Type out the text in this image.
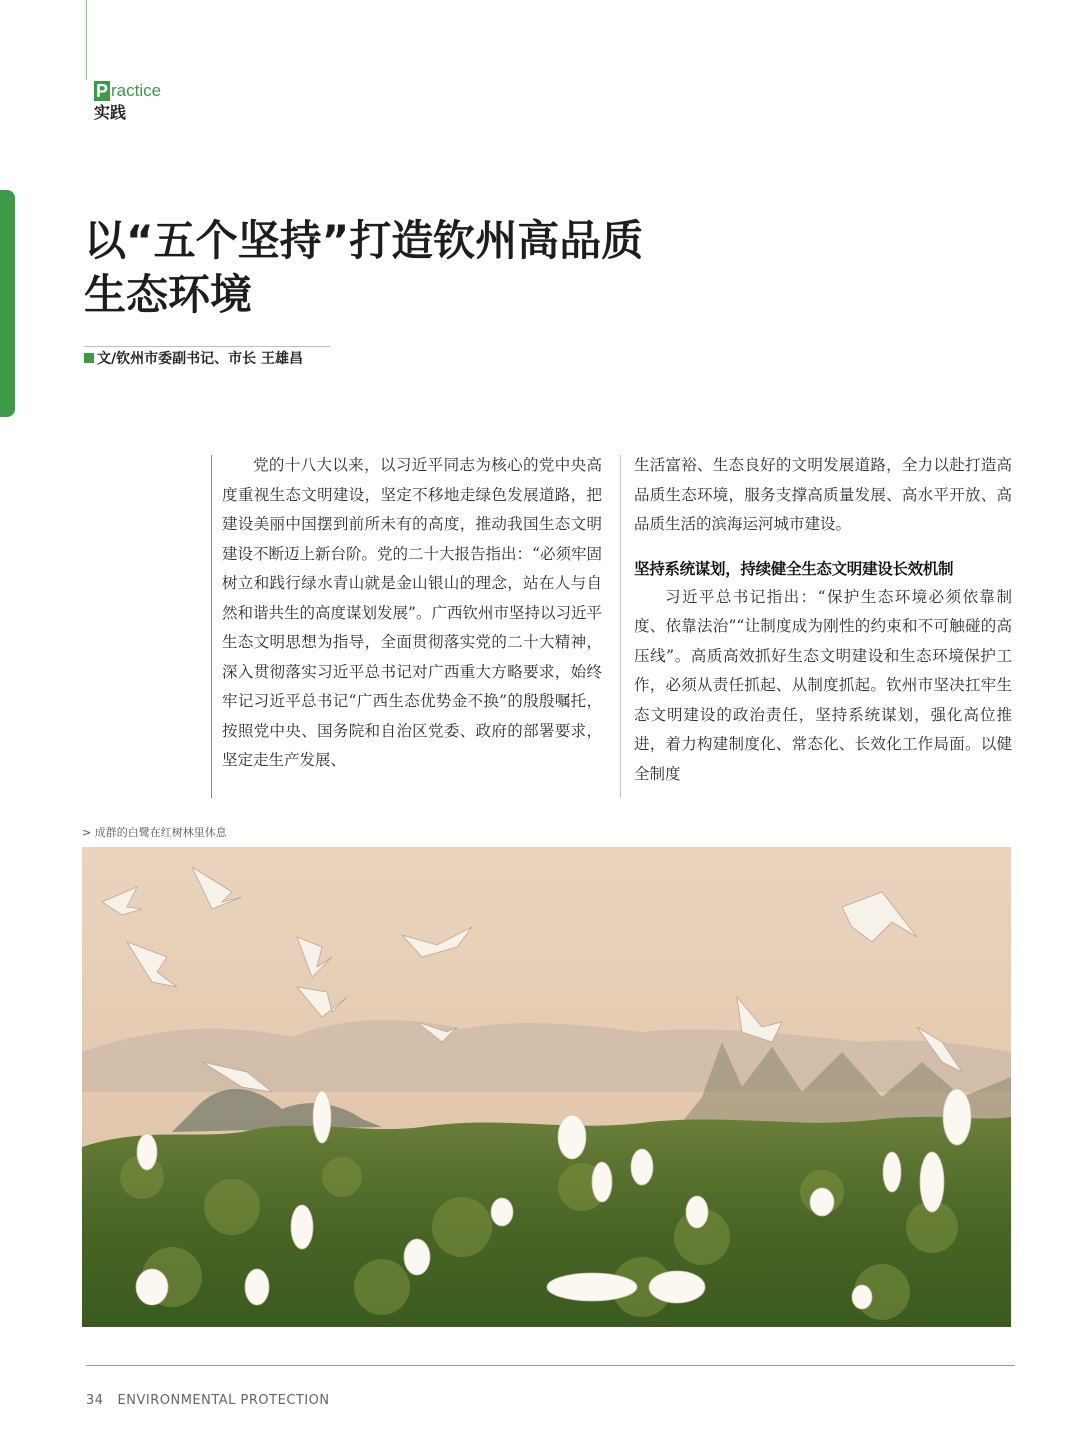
P ractice
实践
以“五个坚持”打造钦州高品质
生态环境
文/钦州市委副书记、市长 王雄昌

党的十八大以来，以习近平同志为核心的党中央高度重视生态文明建设，坚定不移地走绿色发展道路，把建设美丽中国摆到前所未有的高度，推动我国生态文明建设不断迈上新台阶。党的二十大报告指出：“必须牢固树立和践行绿水青山就是金山银山的理念，站在人与自然和谐共生的高度谋划发展”。广西钦州市坚持以习近平生态文明思想为指导，全面贯彻落实党的二十大精神，深入贯彻落实习近平总书记对广西重大方略要求，始终牢记习近平总书记“广西生态优势金不换”的殷殷嘱托，按照党中央、国务院和自治区党委、政府的部署要求，坚定走生产发展、

生活富裕、生态良好的文明发展道路，全力以赴打造高品质生态环境，服务支撑高质量发展、高水平开放、高品质生活的滨海运河城市建设。

坚持系统谋划，持续健全生态文明建设长效机制

习近平总书记指出：“保护生态环境必须依靠制度、依靠法治”“让制度成为刚性的约束和不可触碰的高压线”。高质高效抓好生态文明建设和生态环境保护工作，必须从责任抓起、从制度抓起。钦州市坚决扛牢生态文明建设的政治责任，坚持系统谋划，强化高位推进，着力构建制度化、常态化、长效化工作局面。以健全制度

> 成群的白鹭在红树林里休息
34 ENVIRONMENTAL PROTECTION
